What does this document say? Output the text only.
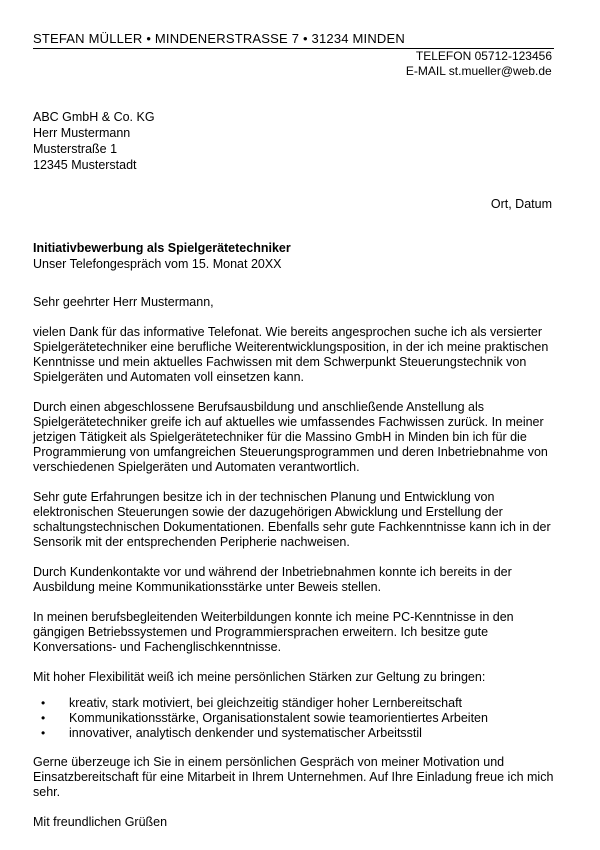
STEFAN MÜLLER • MINDENERSTRASSE 7 • 31234 MINDEN
TELEFON 05712-123456
E-MAIL st.mueller@web.de
ABC GmbH & Co. KG
Herr Mustermann
Musterstraße 1
12345 Musterstadt
Ort, Datum
Initiativbewerbung als Spielgerätetechniker
Unser Telefongespräch vom 15. Monat 20XX

Sehr geehrter Herr Mustermann,

vielen Dank für das informative Telefonat. Wie bereits angesprochen suche ich als versierter Spielgerätetechniker eine berufliche Weiterentwicklungsposition, in der ich meine praktischen Kenntnisse und mein aktuelles Fachwissen mit dem Schwerpunkt Steuerungstechnik von Spielgeräten und Automaten voll einsetzen kann.

Durch einen abgeschlossene Berufsausbildung und anschließende Anstellung als Spielgerätetechniker greife ich auf aktuelles wie umfassendes Fachwissen zurück. In meiner jetzigen Tätigkeit als Spielgerätetechniker für die Massino GmbH in Minden bin ich für die Programmierung von umfangreichen Steuerungsprogrammen und deren Inbetriebnahme von verschiedenen Spielgeräten und Automaten verantwortlich.

Sehr gute Erfahrungen besitze ich in der technischen Planung und Entwicklung von elektronischen Steuerungen sowie der dazugehörigen Abwicklung und Erstellung der schaltungstechnischen Dokumentationen. Ebenfalls sehr gute Fachkenntnisse kann ich in der Sensorik mit der entsprechenden Peripherie nachweisen.

Durch Kundenkontakte vor und während der Inbetriebnahmen konnte ich bereits in der Ausbildung meine Kommunikationsstärke unter Beweis stellen.

In meinen berufsbegleitenden Weiterbildungen konnte ich meine PC-Kenntnisse in den gängigen Betriebssystemen und Programmiersprachen erweitern. Ich besitze gute Konversations- und Fachenglischkenntnisse.

Mit hoher Flexibilität weiß ich meine persönlichen Stärken zur Geltung zu bringen:

• kreativ, stark motiviert, bei gleichzeitig ständiger hoher Lernbereitschaft
• Kommunikationsstärke, Organisationstalent sowie teamorientiertes Arbeiten
• innovativer, analytisch denkender und systematischer Arbeitsstil

Gerne überzeuge ich Sie in einem persönlichen Gespräch von meiner Motivation und Einsatzbereitschaft für eine Mitarbeit in Ihrem Unternehmen. Auf Ihre Einladung freue ich mich sehr.

Mit freundlichen Grüßen
